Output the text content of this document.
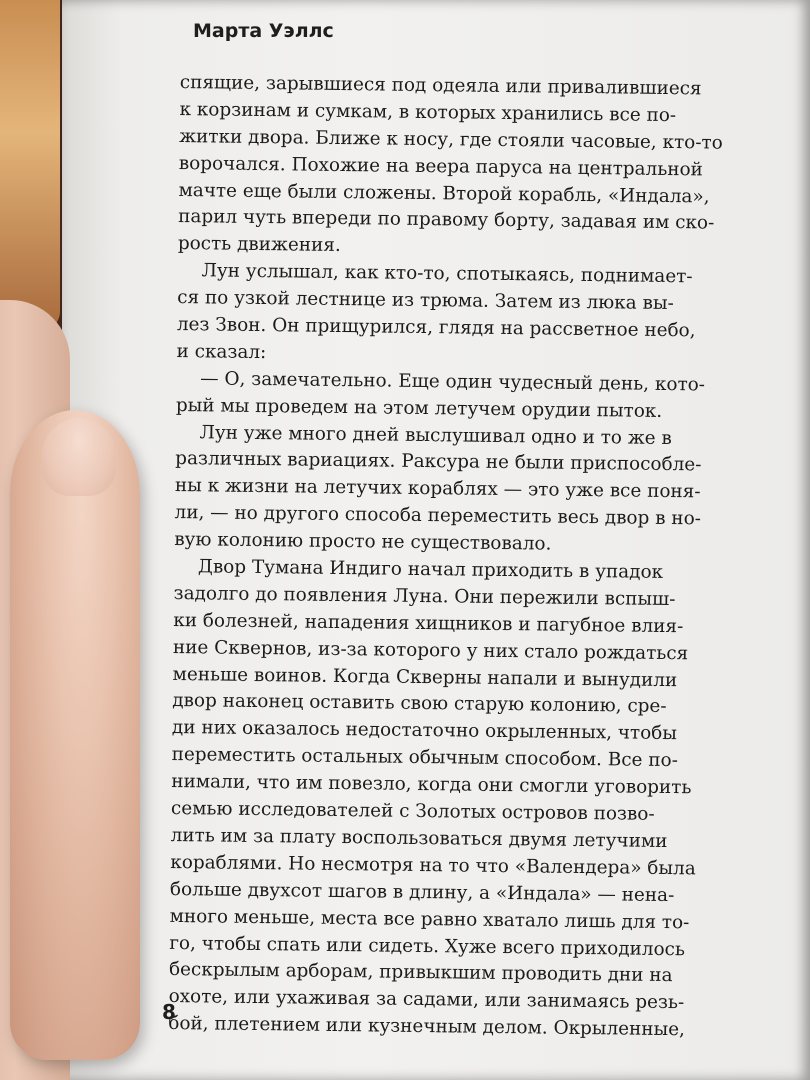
Марта Уэллс
спящие, зарывшиеся под одеяла или привалившиеся
к корзинам и сумкам, в которых хранились все по-
житки двора. Ближе к носу, где стояли часовые, кто-то
ворочался. Похожие на веера паруса на центральной
мачте еще были сложены. Второй корабль, «Индала»,
парил чуть впереди по правому борту, задавая им ско-
рость движения.
Лун услышал, как кто-то, спотыкаясь, поднимает-
ся по узкой лестнице из трюма. Затем из люка вы-
лез Звон. Он прищурился, глядя на рассветное небо,
и сказал:
— О, замечательно. Еще один чудесный день, кото-
рый мы проведем на этом летучем орудии пыток.
Лун уже много дней выслушивал одно и то же в
различных вариациях. Раксура не были приспособле-
ны к жизни на летучих кораблях — это уже все поня-
ли, — но другого способа переместить весь двор в но-
вую колонию просто не существовало.
Двор Тумана Индиго начал приходить в упадок
задолго до появления Луна. Они пережили вспыш-
ки болезней, нападения хищников и пагубное влия-
ние Сквернов, из-за которого у них стало рождаться
меньше воинов. Когда Скверны напали и вынудили
двор наконец оставить свою старую колонию, сре-
ди них оказалось недостаточно окрыленных, чтобы
переместить остальных обычным способом. Все по-
нимали, что им повезло, когда они смогли уговорить
семью исследователей с Золотых островов позво-
лить им за плату воспользоваться двумя летучими
кораблями. Но несмотря на то что «Валендера» была
больше двухсот шагов в длину, а «Индала» — нена-
много меньше, места все равно хватало лишь для то-
го, чтобы спать или сидеть. Хуже всего приходилось
бескрылым арборам, привыкшим проводить дни на
охоте, или ухаживая за садами, или занимаясь резь-
бой, плетением или кузнечным делом. Окрыленные,
8
